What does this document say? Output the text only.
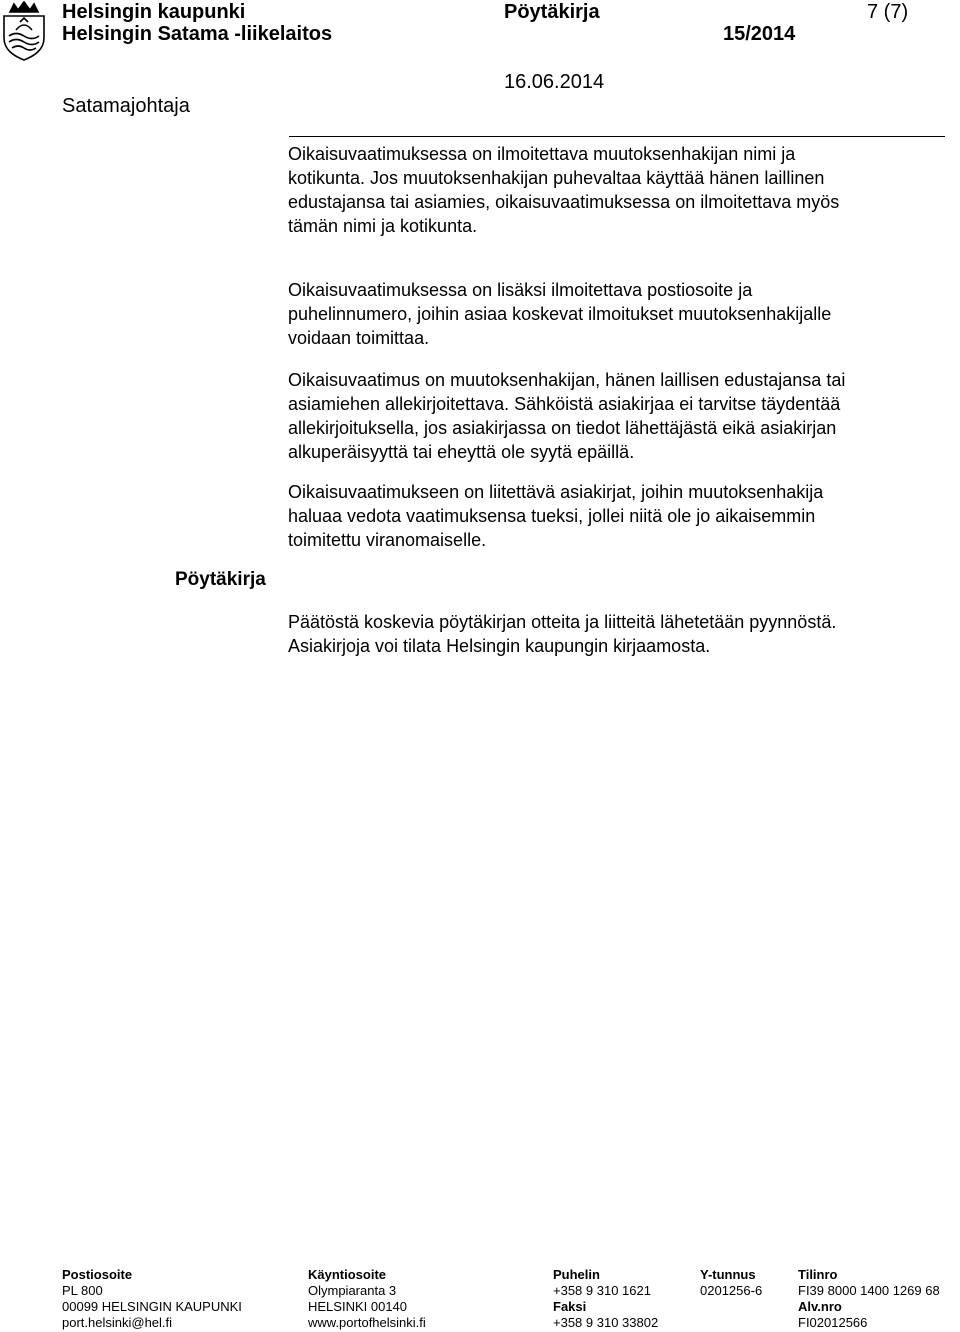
Helsingin kaupunki
Helsingin Satama -liikelaitos
Pöytäkirja
15/2014
7 (7)
16.06.2014
Satamajohtaja
Pöytäkirja
Oikaisuvaatimuksessa on ilmoitettava muutoksenhakijan nimi ja
kotikunta. Jos muutoksenhakijan puhevaltaa käyttää hänen laillinen
edustajansa tai asiamies, oikaisuvaatimuksessa on ilmoitettava myös
tämän nimi ja kotikunta.
Oikaisuvaatimuksessa on lisäksi ilmoitettava postiosoite ja
puhelinnumero, joihin asiaa koskevat ilmoitukset muutoksenhakijalle
voidaan toimittaa.
Oikaisuvaatimus on muutoksenhakijan, hänen laillisen edustajansa tai
asiamiehen allekirjoitettava. Sähköistä asiakirjaa ei tarvitse täydentää
allekirjoituksella, jos asiakirjassa on tiedot lähettäjästä eikä asiakirjan
alkuperäisyyttä tai eheyttä ole syytä epäillä.
Oikaisuvaatimukseen on liitettävä asiakirjat, joihin muutoksenhakija
haluaa vedota vaatimuksensa tueksi, jollei niitä ole jo aikaisemmin
toimitettu viranomaiselle.
Päätöstä koskevia pöytäkirjan otteita ja liitteitä lähetetään pyynnöstä.
Asiakirjoja voi tilata Helsingin kaupungin kirjaamosta.
Postiosoite
PL 800
00099 HELSINGIN KAUPUNKI
port.helsinki@hel.fi
Käyntiosoite
Olympiaranta 3
HELSINKI 00140
www.portofhelsinki.fi
Puhelin
+358 9 310 1621
Faksi
+358 9 310 33802
Y-tunnus
0201256-6
Tilinro
FI39 8000 1400 1269 68
Alv.nro
FI02012566
